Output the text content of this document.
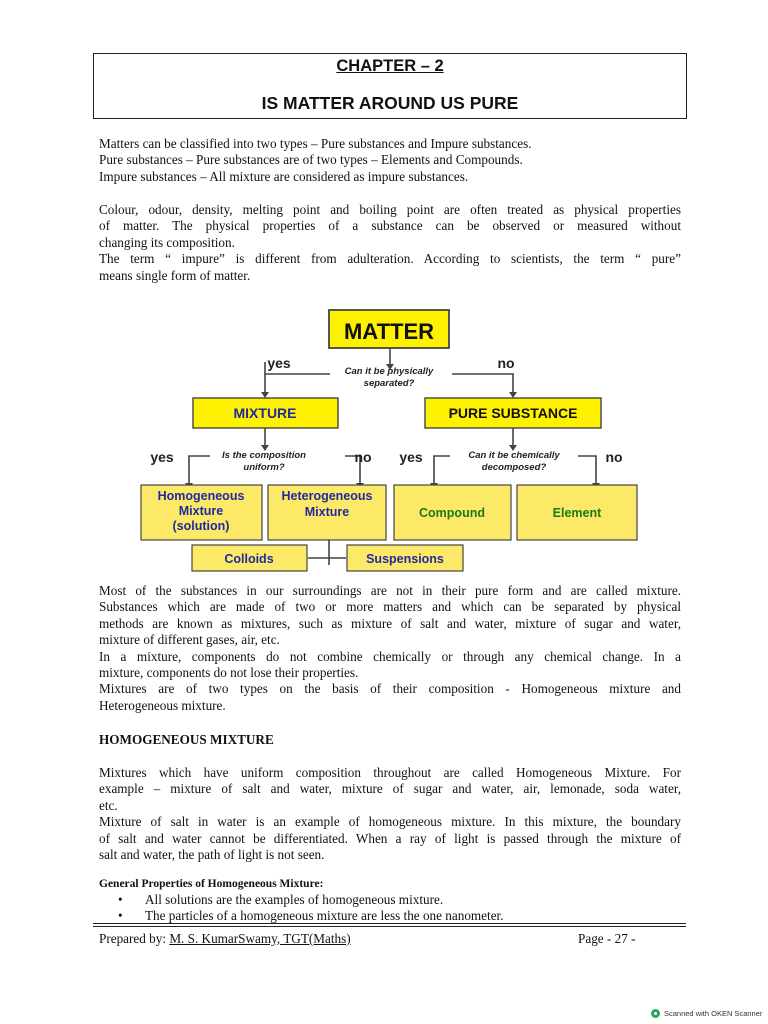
CHAPTER – 2
IS MATTER AROUND US PURE
Matters can be classified into two types – Pure substances and Impure substances.
Pure substances – Pure substances are of two types – Elements and Compounds.
Impure substances – All mixture are considered as impure substances.
Colour, odour, density, melting point and boiling point are often treated as physical properties
of matter. The physical properties of a substance can be observed or measured without
changing its composition.
The term “ impure” is different from adulteration. According to scientists, the term “ pure”
means single form of matter.
MATTER
yes	no
Can it be physically
separated?
MIXTURE	PURE SUBSTANCE
yes	no
Is the composition
uniform?
yes	no
Can it be chemically
decomposed?
Homogeneous
Mixture
(solution)
Heterogeneous
Mixture	Compound	Element
Colloids	Suspensions
Most of the substances in our surroundings are not in their pure form and are called mixture.
Substances which are made of two or more matters and which can be separated by physical
methods are known as mixtures, such as mixture of salt and water, mixture of sugar and water,
mixture of different gases, air, etc.
In a mixture, components do not combine chemically or through any chemical change. In a
mixture, components do not lose their properties.
Mixtures are of two types on the basis of their composition - Homogeneous mixture and
Heterogeneous mixture.
HOMOGENEOUS MIXTURE
Mixtures which have uniform composition throughout are called Homogeneous Mixture. For
example – mixture of salt and water, mixture of sugar and water, air, lemonade, soda water,
etc.
Mixture of salt in water is an example of homogeneous mixture. In this mixture, the boundary
of salt and water cannot be differentiated. When a ray of light is passed through the mixture of
salt and water, the path of light is not seen.
General Properties of Homogeneous Mixture:
• All solutions are the examples of homogeneous mixture.
• The particles of a homogeneous mixture are less the one nanometer.
Prepared by: M. S. KumarSwamy, TGT(Maths)	Page - 27 -
Scanned with OKEN Scanner
